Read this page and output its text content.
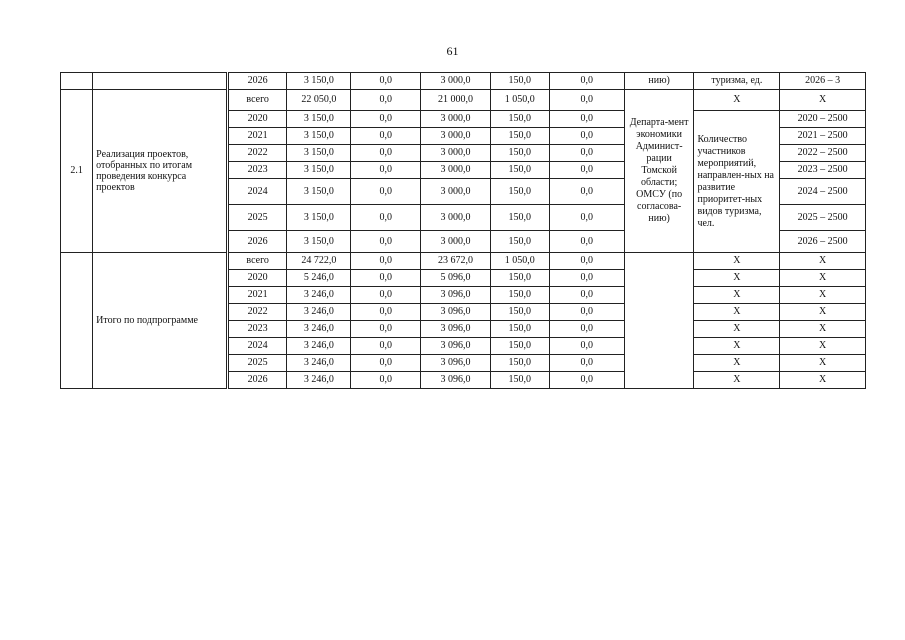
61
		2026	3 150,0	0,0	3 000,0	150,0	0,0	нию)	туризма, ед.	2026 – 3
2.1	Реализация проектов, отобранных по итогам проведения конкурса проектов	всего	22 050,0	0,0	21 000,0	1 050,0	0,0	Департа-мент экономики Админист-рации Томской области; ОМСУ (по согласова-нию)	X	X
		2020	3 150,0	0,0	3 000,0	150,0	0,0		Количество участников мероприятий, направлен-ных на развитие приоритет-ных видов туризма, чел.	2020 – 2500
		2021	3 150,0	0,0	3 000,0	150,0	0,0			2021 – 2500
		2022	3 150,0	0,0	3 000,0	150,0	0,0			2022 – 2500
		2023	3 150,0	0,0	3 000,0	150,0	0,0			2023 – 2500
		2024	3 150,0	0,0	3 000,0	150,0	0,0			2024 – 2500
		2025	3 150,0	0,0	3 000,0	150,0	0,0			2025 – 2500
		2026	3 150,0	0,0	3 000,0	150,0	0,0			2026 – 2500
	Итого по подпрограмме	всего	24 722,0	0,0	23 672,0	1 050,0	0,0		X	X
		2020	5 246,0	0,0	5 096,0	150,0	0,0		X	X
		2021	3 246,0	0,0	3 096,0	150,0	0,0		X	X
		2022	3 246,0	0,0	3 096,0	150,0	0,0		X	X
		2023	3 246,0	0,0	3 096,0	150,0	0,0		X	X
		2024	3 246,0	0,0	3 096,0	150,0	0,0		X	X
		2025	3 246,0	0,0	3 096,0	150,0	0,0		X	X
		2026	3 246,0	0,0	3 096,0	150,0	0,0		X	X
